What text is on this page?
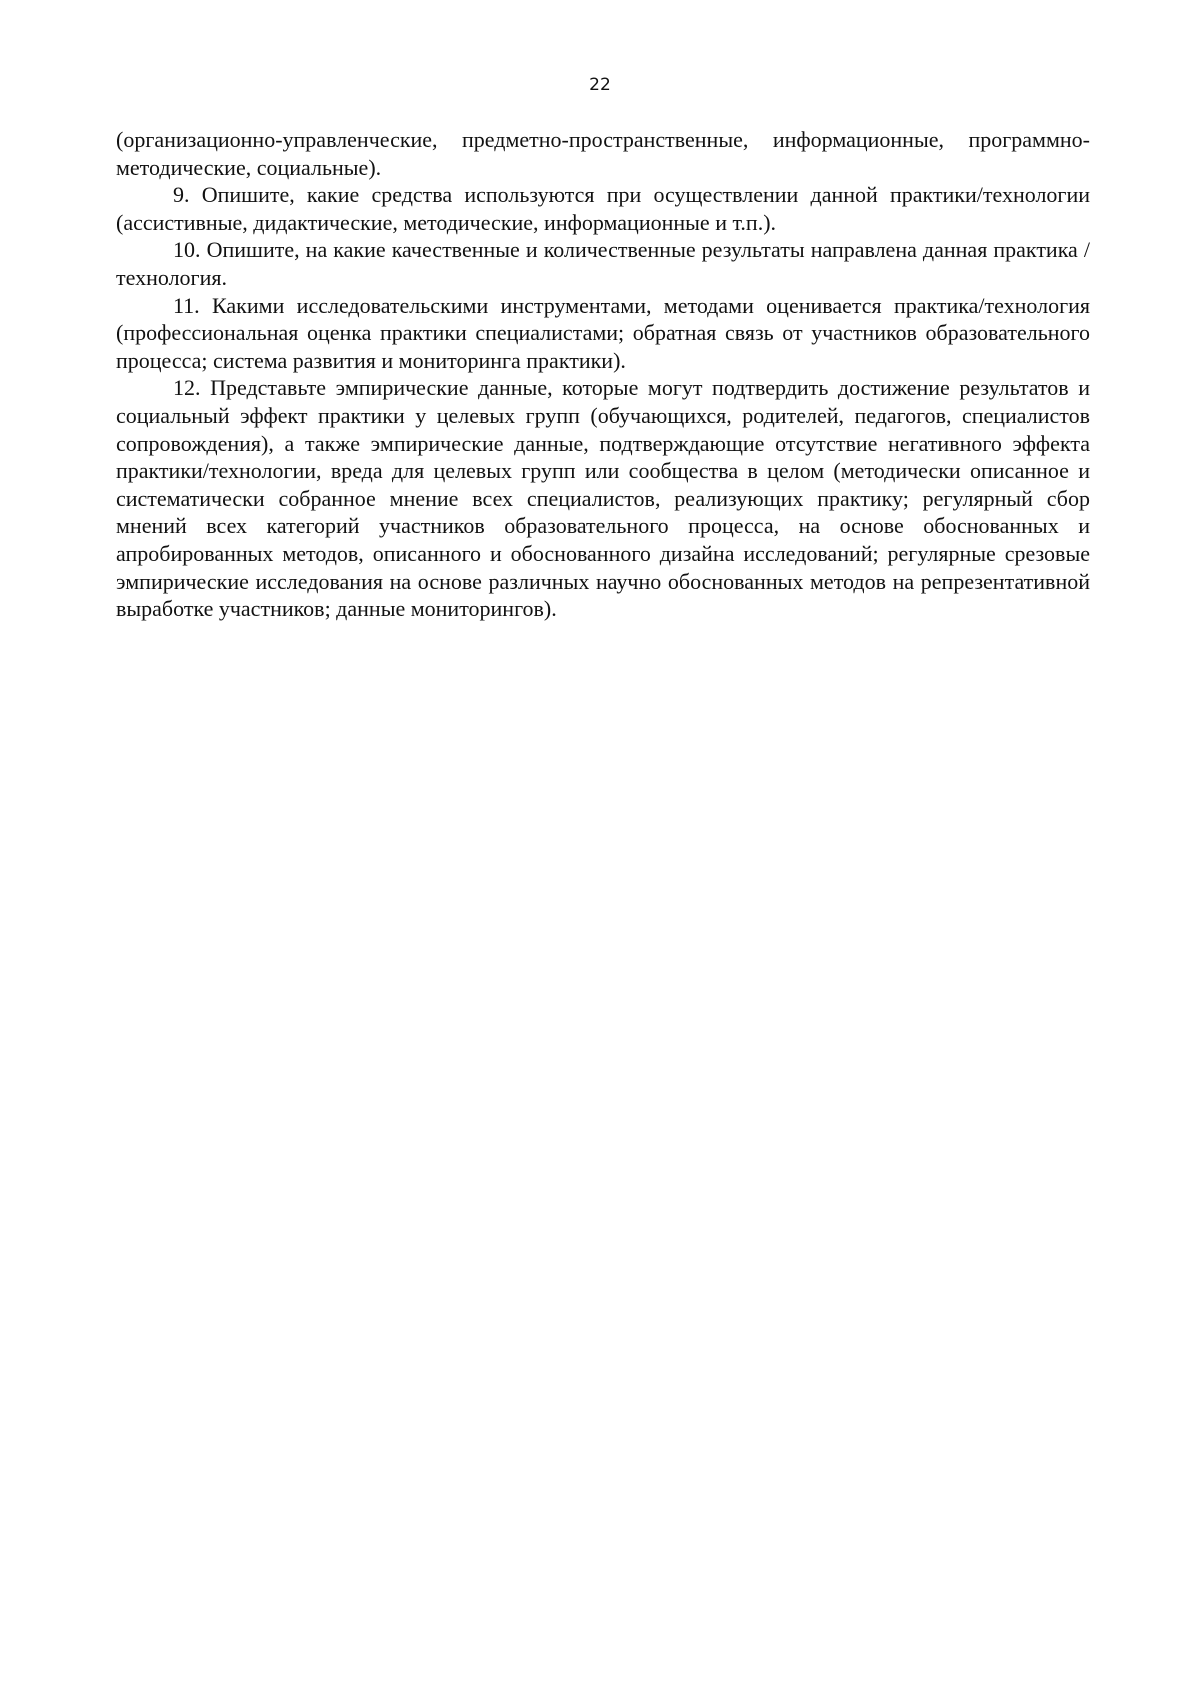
22

(организационно-управленческие, предметно-пространственные, информационные, программно-методические, социальные).

9. Опишите, какие средства используются при осуществлении данной практики/технологии (ассистивные, дидактические, методические, информационные и т.п.).

10. Опишите, на какие качественные и количественные результаты направлена данная практика /технология.

11. Какими исследовательскими инструментами, методами оценивается практика/технология (профессиональная оценка практики специалистами; обратная связь от участников образовательного процесса; система развития и мониторинга практики).

12. Представьте эмпирические данные, которые могут подтвердить достижение результатов и социальный эффект практики у целевых групп (обучающихся, родителей, педагогов, специалистов сопровождения), а также эмпирические данные, подтверждающие отсутствие негативного эффекта практики/технологии, вреда для целевых групп или сообщества в целом (методически описанное и систематически собранное мнение всех специалистов, реализующих практику; регулярный сбор мнений всех категорий участников образовательного процесса, на основе обоснованных и апробированных методов, описанного и обоснованного дизайна исследований; регулярные срезовые эмпирические исследования на основе различных научно обоснованных методов на репрезентативной выработке участников; данные мониторингов).
